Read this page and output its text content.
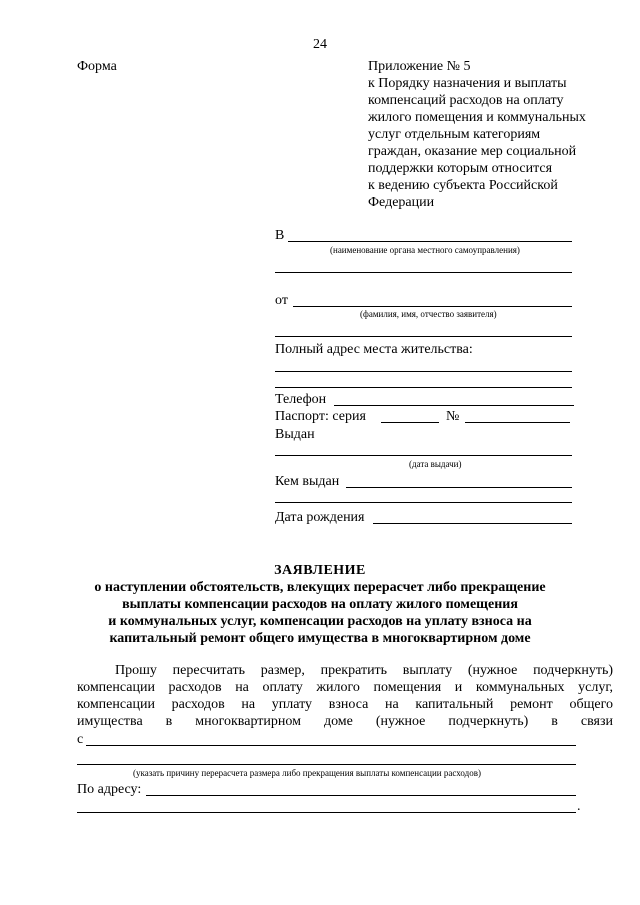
24
Форма	Приложение № 5
к Порядку назначения и выплаты
компенсаций расходов на оплату
жилого помещения и коммунальных
услуг отдельным категориям
граждан, оказание мер социальной
поддержки которым относится
к ведению субъекта Российской
Федерации
В
(наименование органа местного самоуправления)
от
(фамилия, имя, отчество заявителя)
Полный адрес места жительства:
Телефон
Паспорт: серия	№
Выдан
(дата выдачи)
Кем выдан
Дата рождения
ЗАЯВЛЕНИЕ
о наступлении обстоятельств, влекущих перерасчет либо прекращение
выплаты компенсации расходов на оплату жилого помещения
и коммунальных услуг, компенсации расходов на уплату взноса на
капитальный ремонт общего имущества в многоквартирном доме
Прошу пересчитать размер, прекратить выплату (нужное подчеркнуть)
компенсации расходов на оплату жилого помещения и коммунальных услуг,
компенсации расходов на уплату взноса на капитальный ремонт общего
имущества в многоквартирном доме (нужное подчеркнуть) в связи
с
(указать причину перерасчета размера либо прекращения выплаты компенсации расходов)
По адресу:
.
